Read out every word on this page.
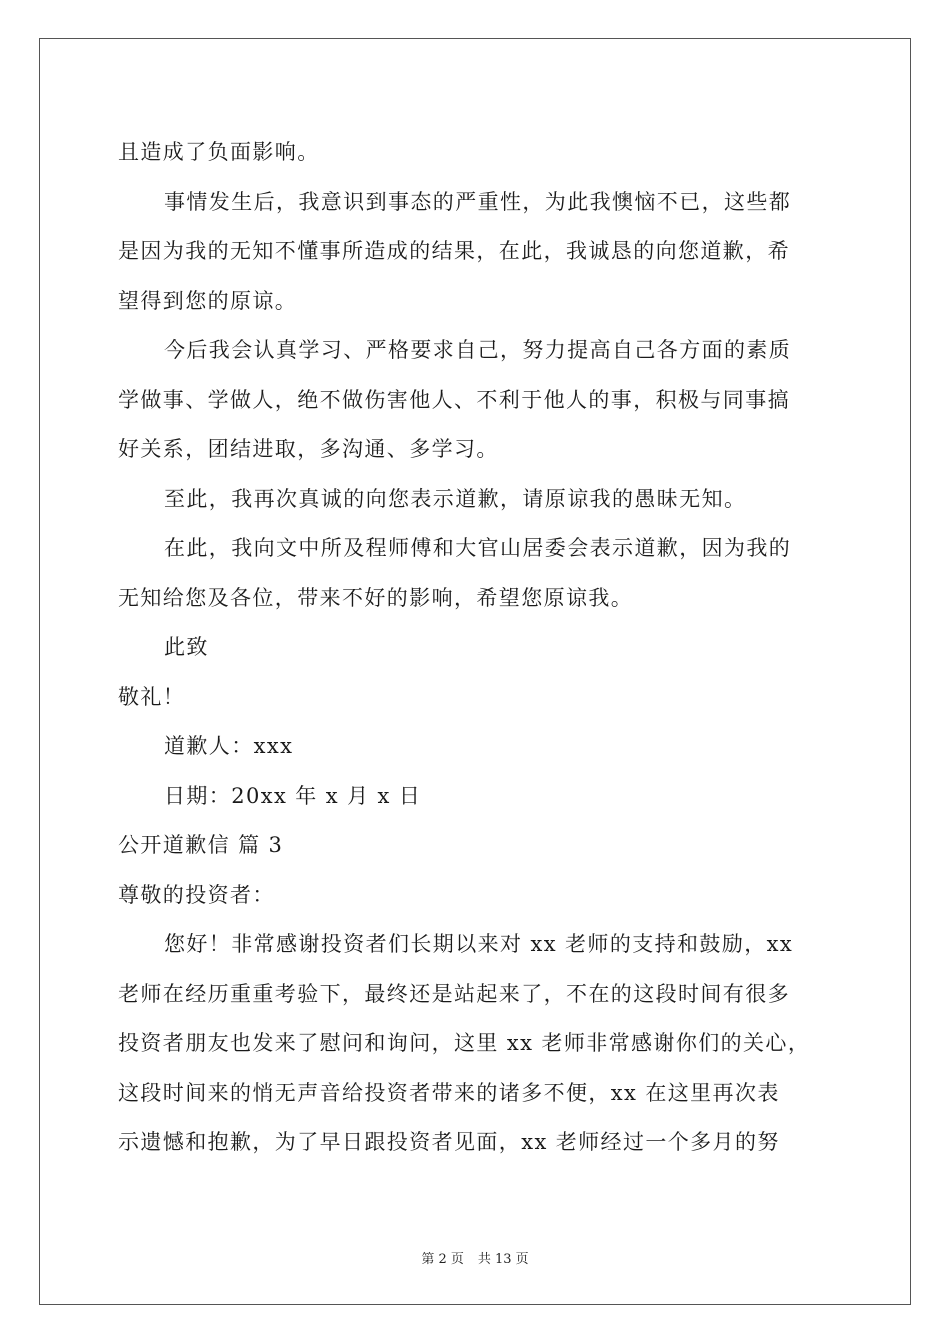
且造成了负面影响。

事情发生后，我意识到事态的严重性，为此我懊恼不已，这些都

是因为我的无知不懂事所造成的结果，在此，我诚恳的向您道歉，希

望得到您的原谅。

今后我会认真学习、严格要求自己，努力提高自己各方面的素质

学做事、学做人，绝不做伤害他人、不利于他人的事，积极与同事搞

好关系，团结进取，多沟通、多学习。

至此，我再次真诚的向您表示道歉，请原谅我的愚昧无知。

在此，我向文中所及程师傅和大官山居委会表示道歉，因为我的

无知给您及各位，带来不好的影响，希望您原谅我。

此致

敬礼！

道歉人：xxx

日期：20xx 年 x 月 x 日

公开道歉信 篇 3

尊敬的投资者：

您好！非常感谢投资者们长期以来对 xx 老师的支持和鼓励，xx

老师在经历重重考验下，最终还是站起来了，不在的这段时间有很多

投资者朋友也发来了慰问和询问，这里 xx 老师非常感谢你们的关心，

这段时间来的悄无声音给投资者带来的诸多不便，xx 在这里再次表

示遗憾和抱歉，为了早日跟投资者见面，xx 老师经过一个多月的努

第 2 页 共 13 页
